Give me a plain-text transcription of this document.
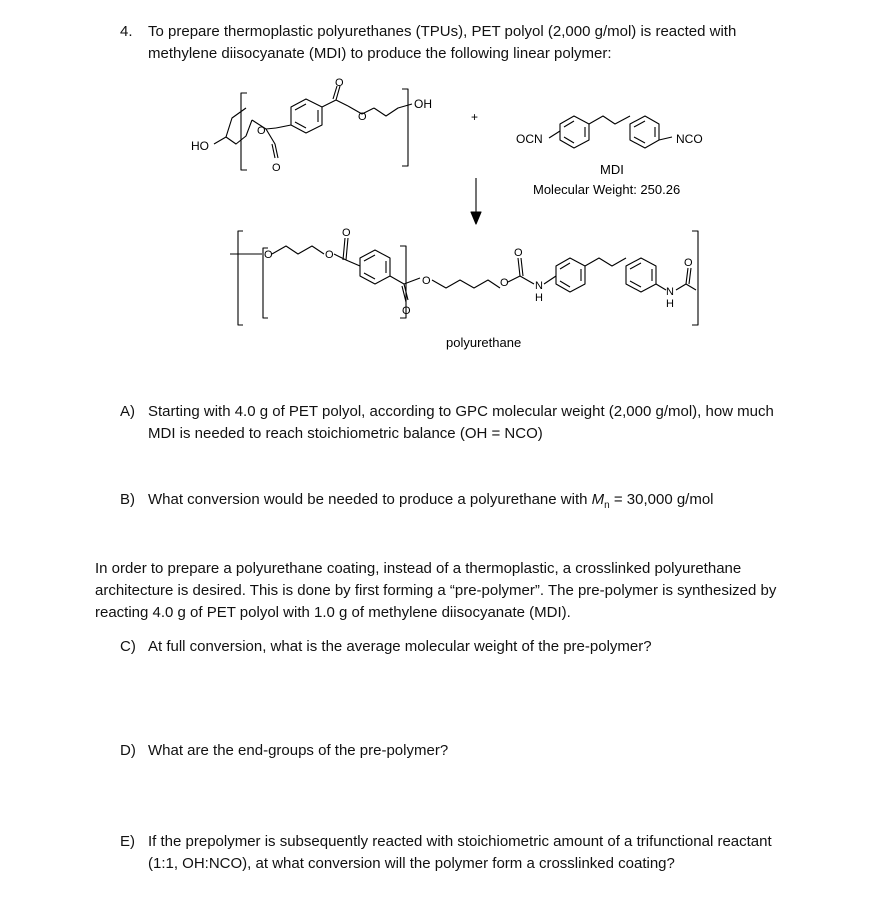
4. To prepare thermoplastic polyurethanes (TPUs), PET polyol (2,000 g/mol) is reacted with
methylene diisocyanate (MDI) to produce the following linear polymer:
HO
OH
+
OCN	NCO
MDI
Molecular Weight: 250.26
polyurethane
O
O
O
O
O	O
O
O
O	O
O
O
N
H	N
H
A) Starting with 4.0 g of PET polyol, according to GPC molecular weight (2,000 g/mol), how much
MDI is needed to reach stoichiometric balance (OH = NCO)
B) What conversion would be needed to produce a polyurethane with $M_n = 30,000$ g/mol
In order to prepare a polyurethane coating, instead of a thermoplastic, a crosslinked polyurethane
architecture is desired. This is done by first forming a “pre-polymer”. The pre-polymer is synthesized by
reacting 4.0 g of PET polyol with 1.0 g of methylene diisocyanate (MDI).
C) At full conversion, what is the average molecular weight of the pre-polymer?
D) What are the end-groups of the pre-polymer?
E) If the prepolymer is subsequently reacted with stoichiometric amount of a trifunctional reactant
(1:1, OH:NCO), at what conversion will the polymer form a crosslinked coating?
